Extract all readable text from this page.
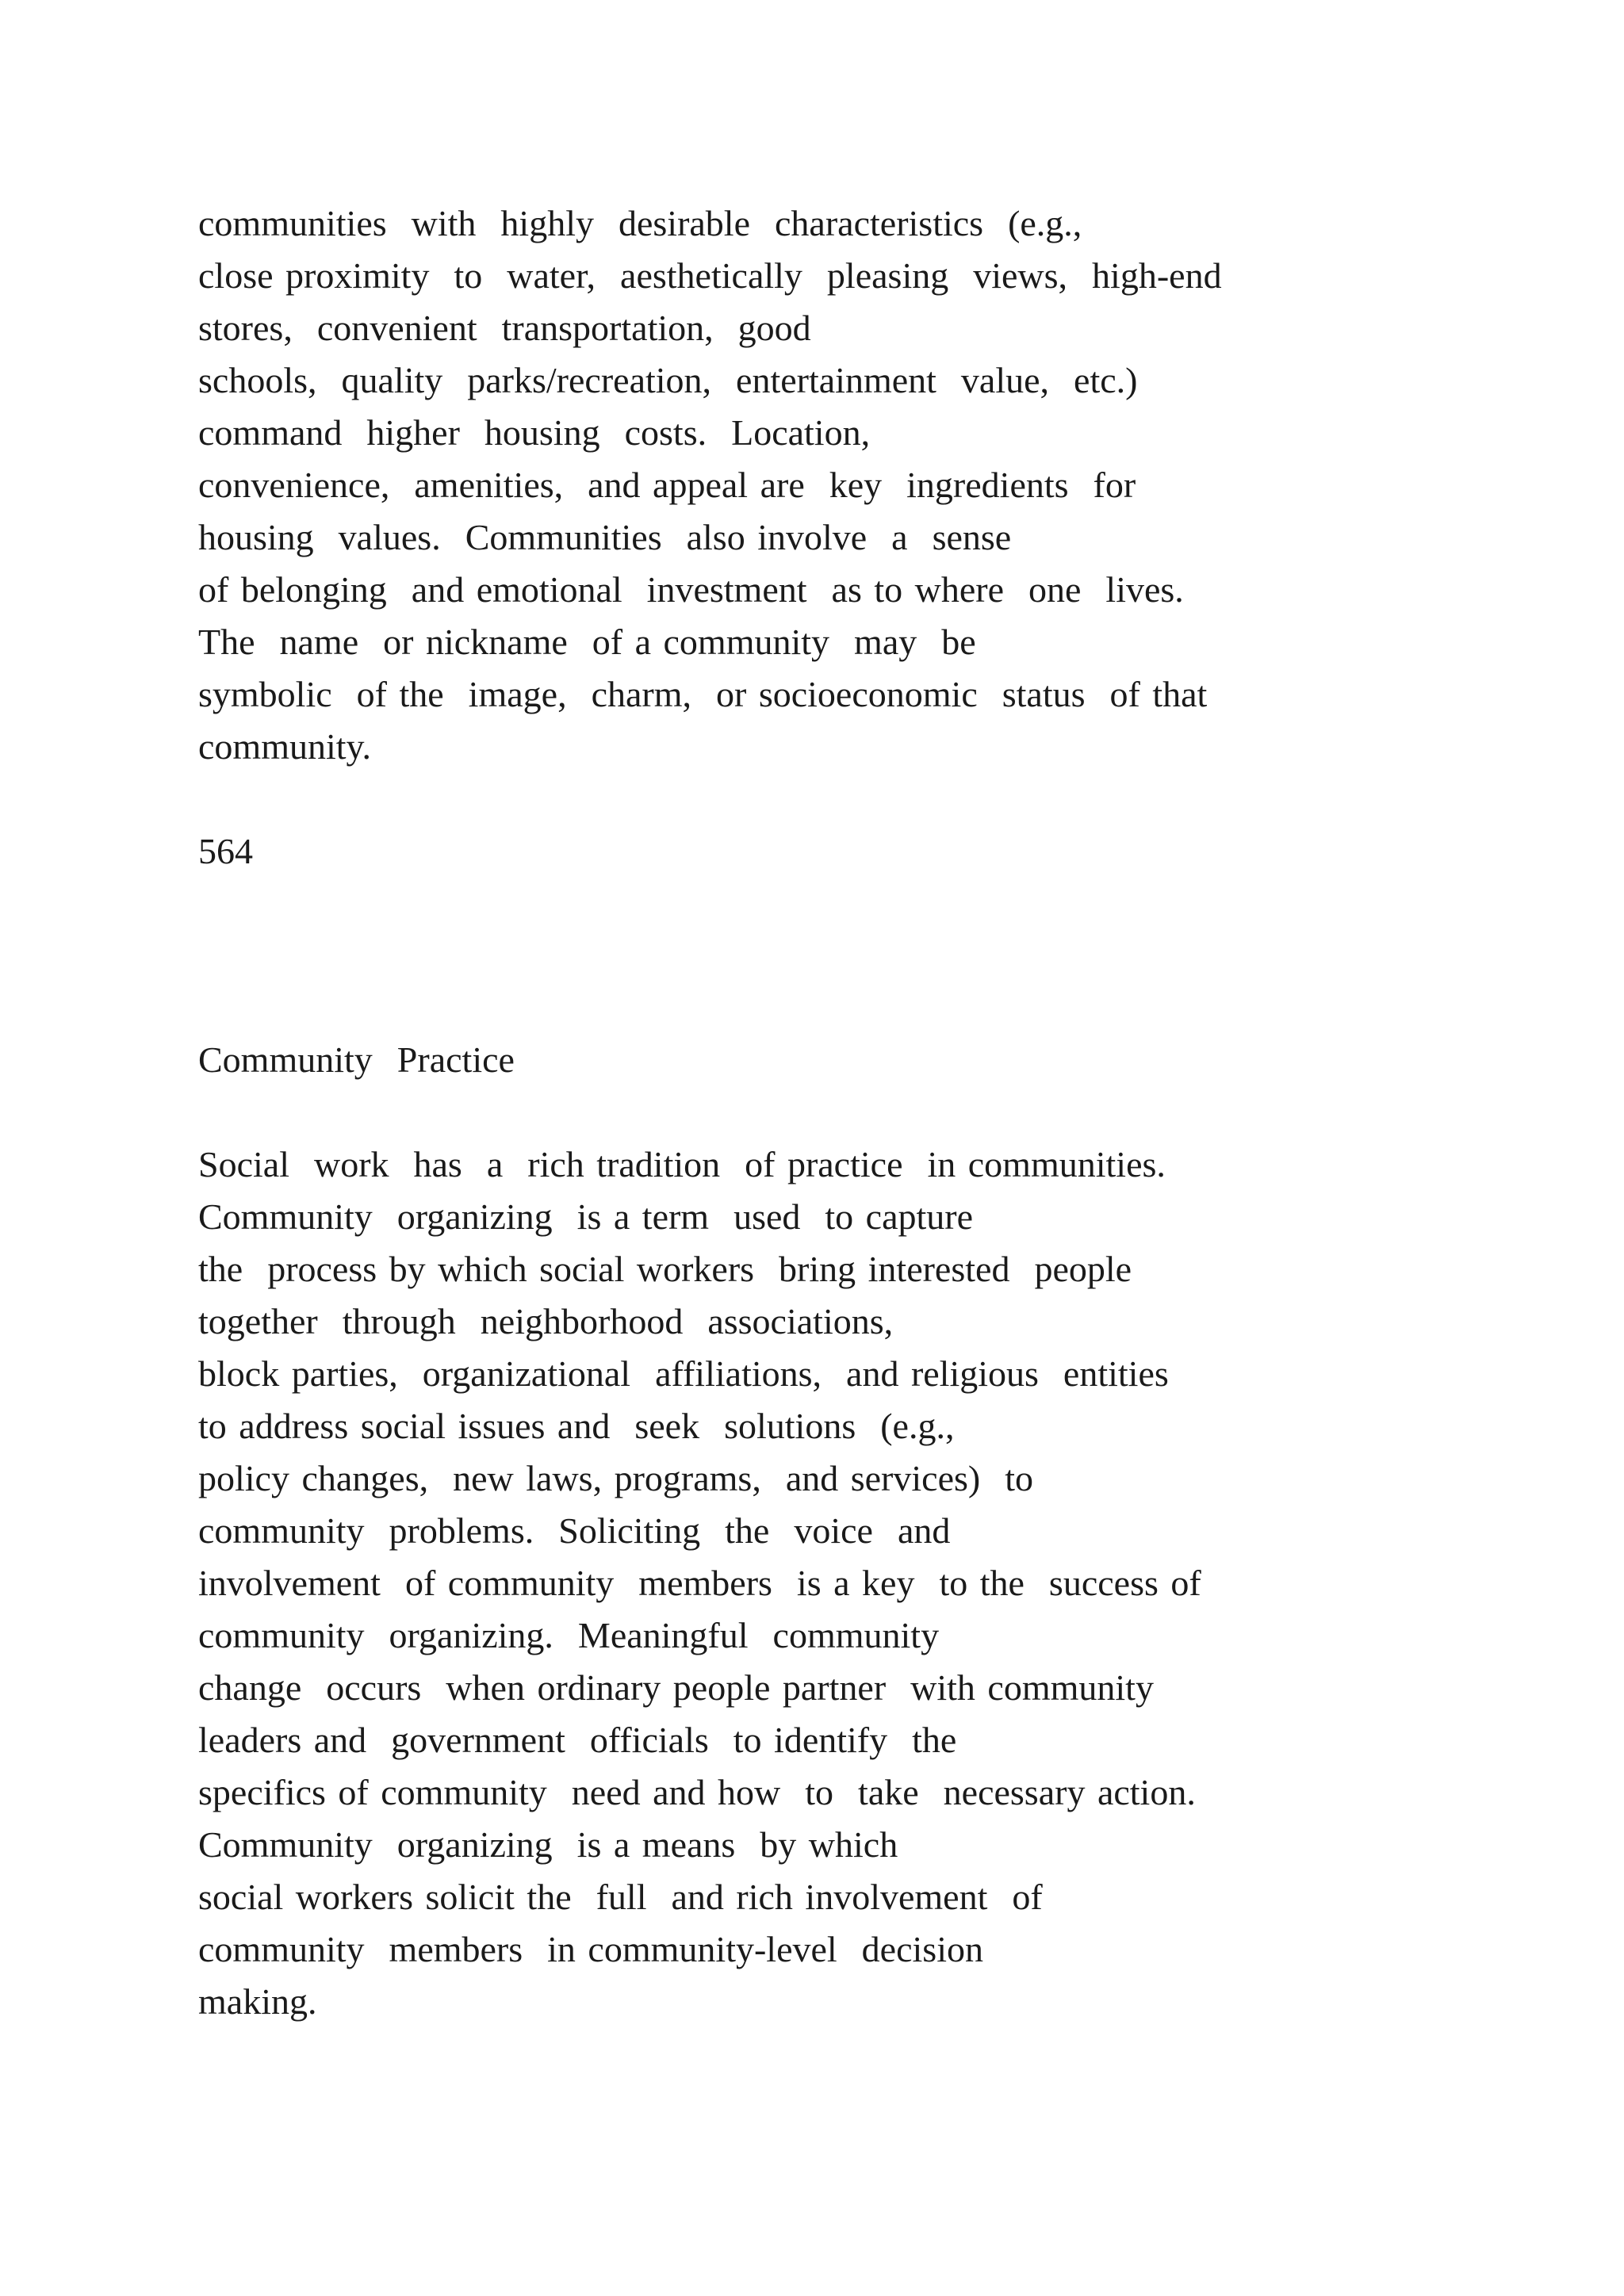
communities  with  highly  desirable  characteristics  (e.g.,

close proximity  to  water,  aesthetically  pleasing  views,  high-end

stores,  convenient  transportation,  good

schools,  quality  parks/recreation,  entertainment  value,  etc.)

command  higher  housing  costs.  Location,

convenience,  amenities,  and appeal are  key  ingredients  for

housing  values.  Communities  also involve  a  sense

of belonging  and emotional  investment  as to where  one  lives.

The  name  or nickname  of a community  may  be

symbolic  of the  image,  charm,  or socioeconomic  status  of that

community.

564

Community  Practice

Social  work  has  a  rich tradition  of practice  in communities.

Community  organizing  is a term  used  to capture

the  process by which social workers  bring interested  people

together  through  neighborhood  associations,

block parties,  organizational  affiliations,  and religious  entities

to address social issues and  seek  solutions  (e.g.,

policy changes,  new laws, programs,  and services)  to

community  problems.  Soliciting  the  voice  and

involvement  of community  members  is a key  to the  success of

community  organizing.  Meaningful  community

change  occurs  when ordinary people partner  with community

leaders and  government  officials  to identify  the

specifics of community  need and how  to  take  necessary action.

Community  organizing  is a means  by which

social workers solicit the  full  and rich involvement  of

community  members  in community-level  decision

making.
